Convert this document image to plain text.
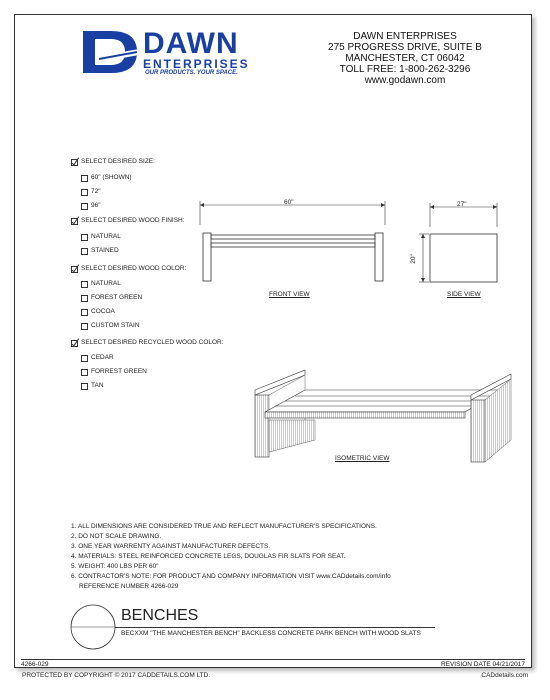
DAWN
ENTERPRISES
OUR PRODUCTS. YOUR SPACE.
DAWN ENTERPRISES
275 PROGRESS DRIVE, SUITE B
MANCHESTER, CT 06042
TOLL FREE: 1-800-262-3296
www.godawn.com
SELECT DESIRED SIZE:
60" (SHOWN)
72"
96"
SELECT DESIRED WOOD FINISH:
NATURAL
STAINED
SELECT DESIRED WOOD COLOR:
NATURAL
FOREST GREEN
COCOA
CUSTOM STAIN
SELECT DESIRED RECYCLED WOOD COLOR:
CEDAR
FORREST GREEN
TAN
60"
FRONT VIEW
27"
20"
SIDE VIEW
ISOMETRIC VIEW
1. ALL DIMENSIONS ARE CONSIDERED TRUE AND REFLECT MANUFACTURER'S SPECIFICATIONS.
2. DO NOT SCALE DRAWING.
3. ONE YEAR WARRENTY AGAINST MANUFACTURER DEFECTS.
4. MATERIALS: STEEL REINFORCED CONCRETE LEGS, DOUGLAS FIR SLATS FOR SEAT.
5. WEIGHT: 400 LBS PER 60"
6. CONTRACTOR'S NOTE: FOR PRODUCT AND COMPANY INFORMATION VISIT www.CADdetails.com/info
REFERENCE NUMBER 4266-029
BENCHES
BECXXM "THE MANCHESTER BENCH" BACKLESS CONCRETE PARK BENCH WITH WOOD SLATS
4266-029	REVISION DATE 04/21/2017
PROTECTED BY COPYRIGHT © 2017 CADDETAILS.COM LTD.	CADdetails.com
